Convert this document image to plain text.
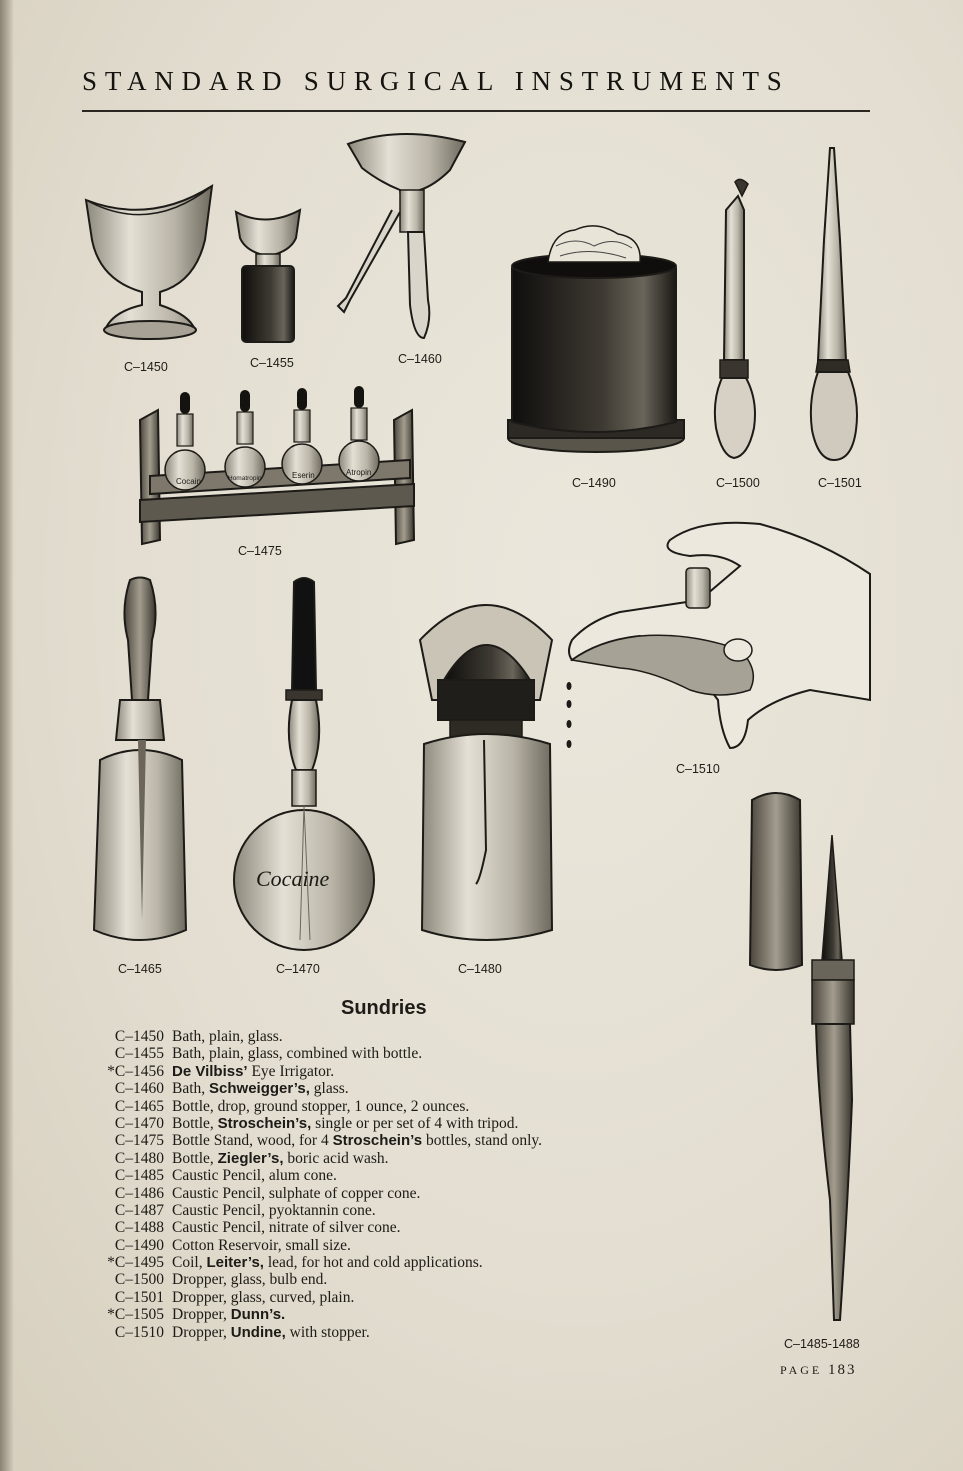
STANDARD SURGICAL INSTRUMENTS
Cocain	Homatropin	Eserin	Atropin
Cocaine
C–1450	C–1455	C–1460
C–1475
C–1490	C–1500	C–1501
C–1510
C–1465	C–1470	C–1480
C–1485-1488
Sundries
C–1450 Bath, plain, glass.
C–1455 Bath, plain, glass, combined with bottle.
*C–1456 De Vilbiss’ Eye Irrigator.
C–1460 Bath, Schweigger’s, glass.
C–1465 Bottle, drop, ground stopper, 1 ounce, 2 ounces.
C–1470 Bottle, Stroschein’s, single or per set of 4 with tripod.
C–1475 Bottle Stand, wood, for 4 Stroschein’s bottles, stand only.
C–1480 Bottle, Ziegler’s, boric acid wash.
C–1485 Caustic Pencil, alum cone.
C–1486 Caustic Pencil, sulphate of copper cone.
C–1487 Caustic Pencil, pyoktannin cone.
C–1488 Caustic Pencil, nitrate of silver cone.
C–1490 Cotton Reservoir, small size.
*C–1495 Coil, Leiter’s, lead, for hot and cold applications.
C–1500 Dropper, glass, bulb end.
C–1501 Dropper, glass, curved, plain.
*C–1505 Dropper, Dunn’s.
C–1510 Dropper, Undine, with stopper.
PAGE 183
